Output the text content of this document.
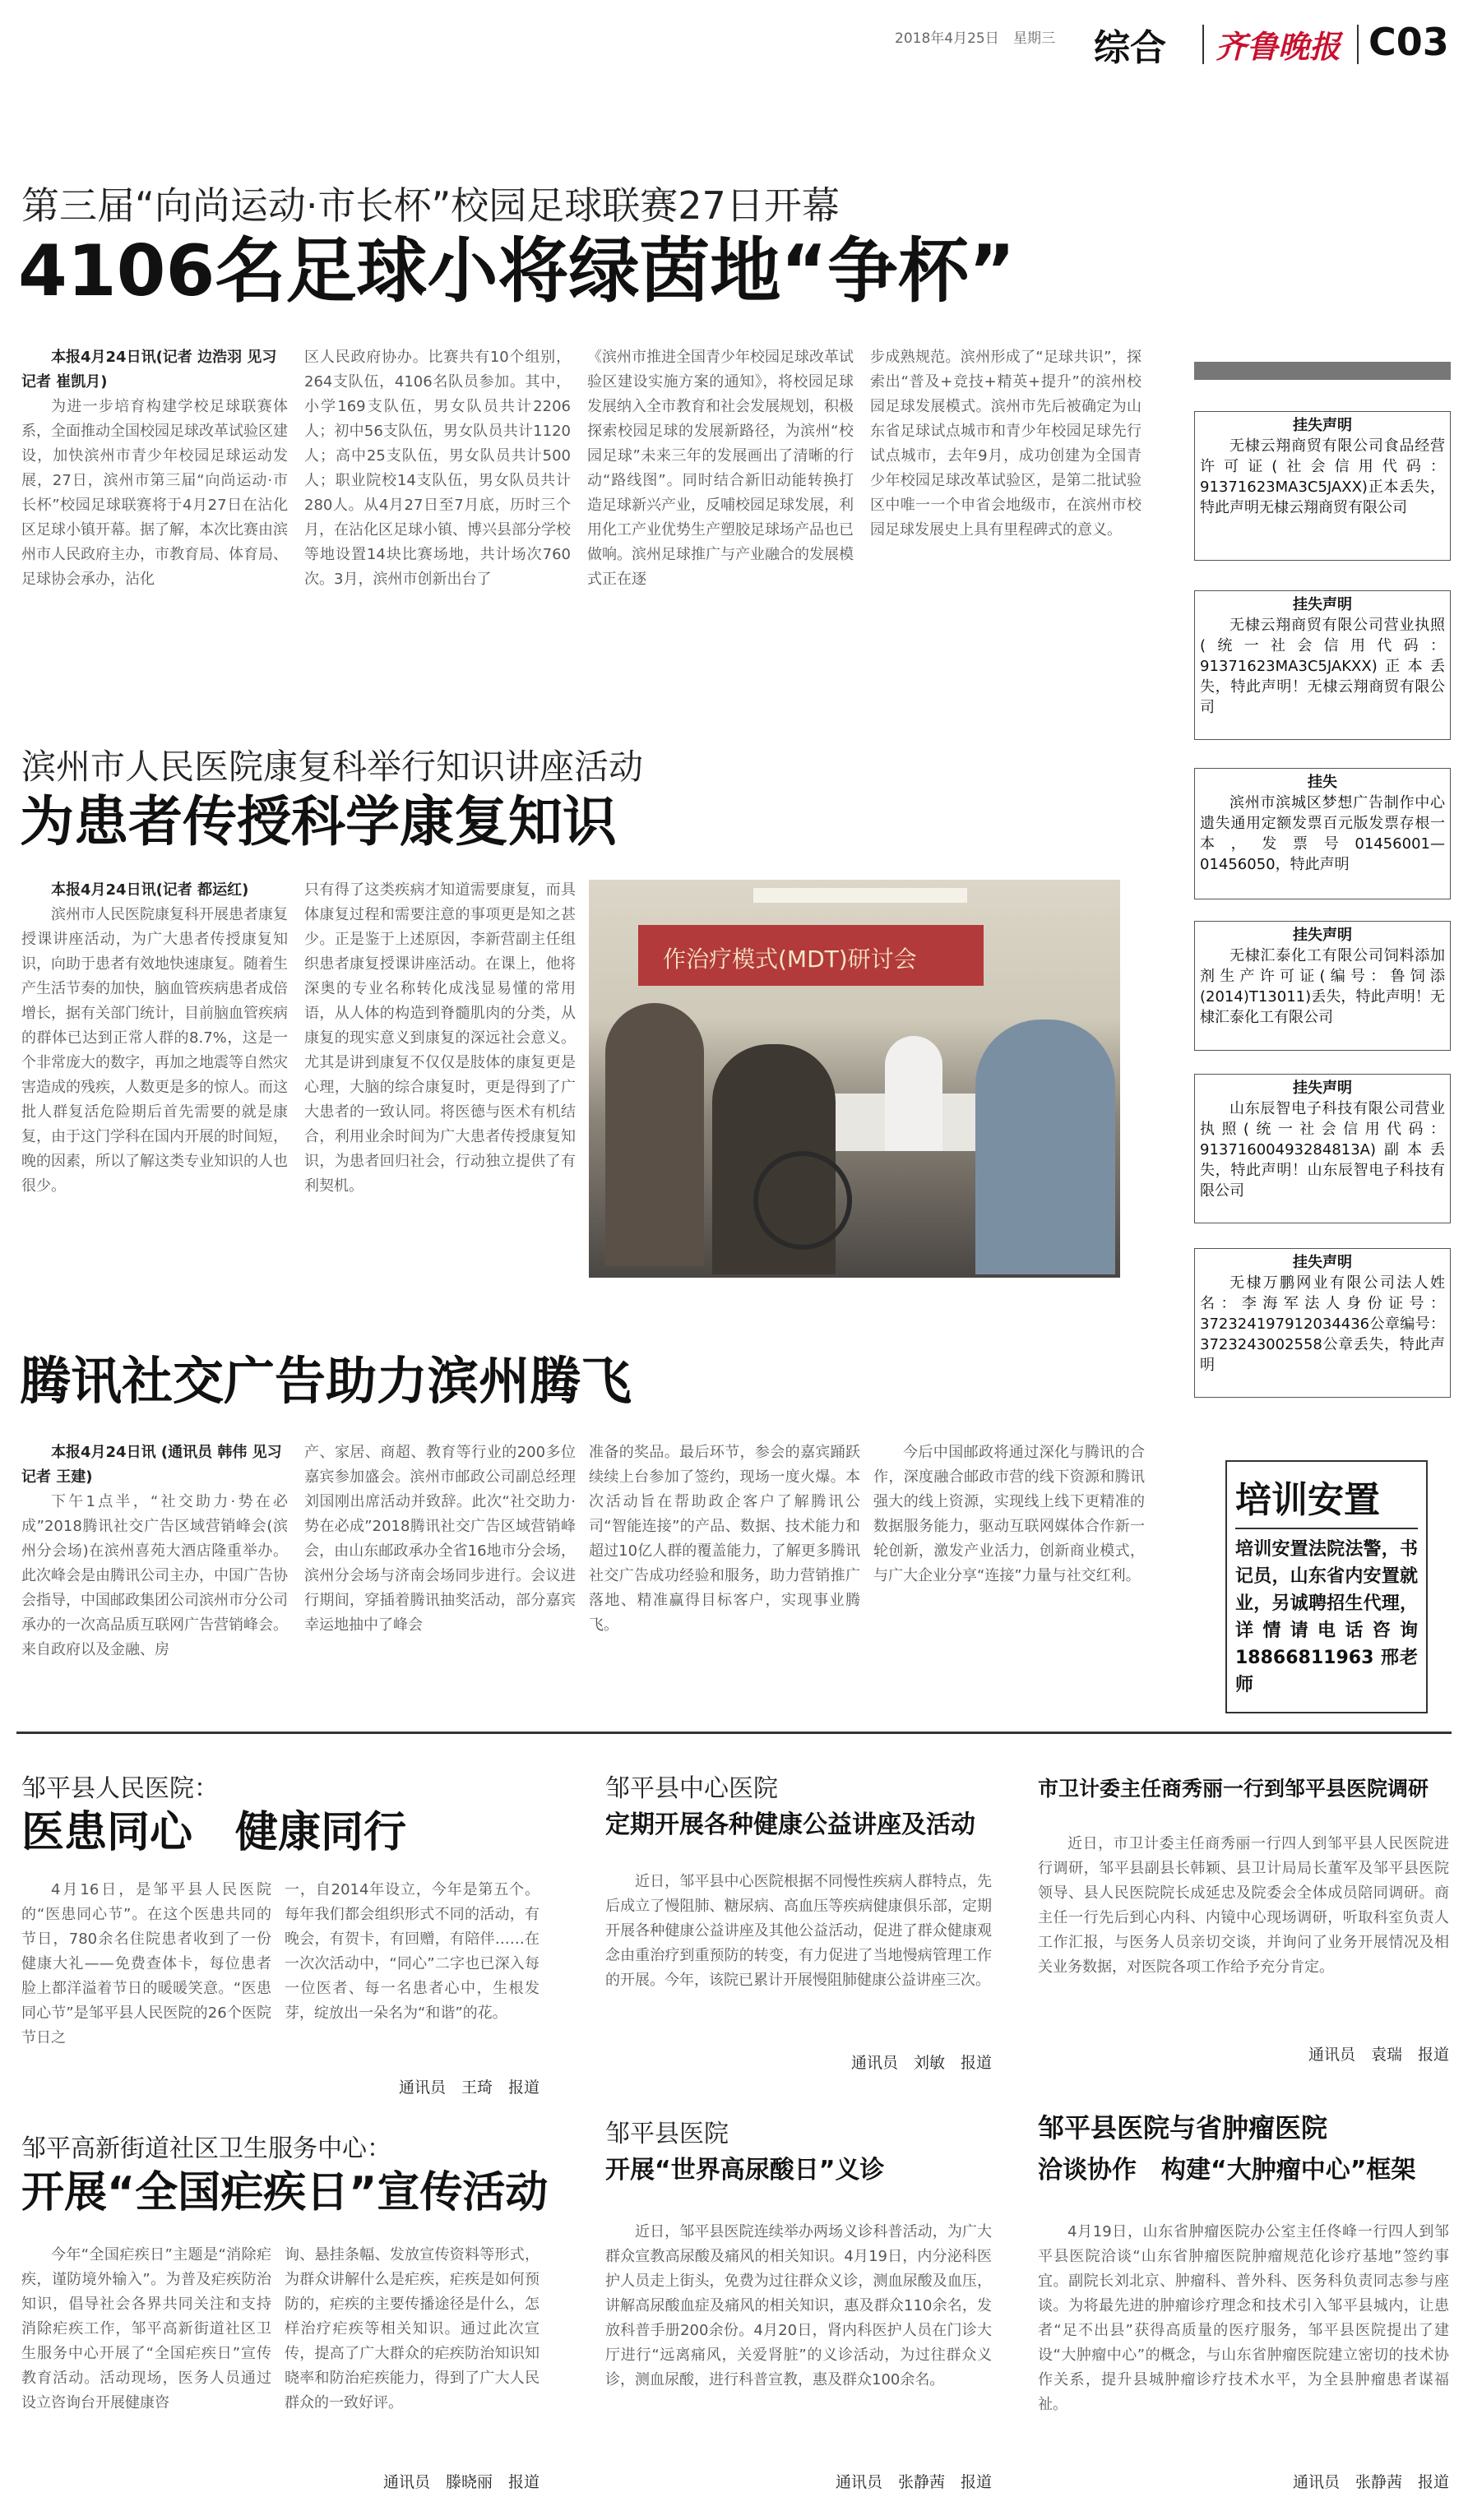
2018年4月25日 星期三 综合 齐鲁晚报 C03
第三届“向尚运动·市长杯”校园足球联赛27日开幕
4106名足球小将绿茵地“争杯”
本报4月24日讯(记者 边浩羽 见习记者 崔凯月)
为进一步培育构建学校足球联赛体系，全面推动全国校园足球改革试验区建设，加快滨州市青少年校园足球运动发展，27日，滨州市第三届“向尚运动·市长杯”校园足球联赛将于4月27日在沾化区足球小镇开幕。据了解，本次比赛由滨州市人民政府主办，市教育局、体育局、足球协会承办，沾化
区人民政府协办。比赛共有10个组别，264支队伍，4106名队员参加。其中，小学169支队伍，男女队员共计2206人；初中56支队伍，男女队员共计1120人；高中25支队伍，男女队员共计500人；职业院校14支队伍，男女队员共计280人。从4月27日至7月底，历时三个月，在沾化区足球小镇、博兴县部分学校等地设置14块比赛场地，共计场次760次。3月，滨州市创新出台了
《滨州市推进全国青少年校园足球改革试验区建设实施方案的通知》，将校园足球发展纳入全市教育和社会发展规划，积极探索校园足球的发展新路径，为滨州“校园足球”未来三年的发展画出了清晰的行动“路线图”。同时结合新旧动能转换打造足球新兴产业，反哺校园足球发展，利用化工产业优势生产塑胶足球场产品也已做响。滨州足球推广与产业融合的发展模式正在逐
步成熟规范。滨州形成了“足球共识”，探索出“普及+竞技+精英+提升”的滨州校园足球发展模式。滨州市先后被确定为山东省足球试点城市和青少年校园足球先行试点城市，去年9月，成功创建为全国青少年校园足球改革试验区，是第二批试验区中唯一一个申省会地级市，在滨州市校园足球发展史上具有里程碑式的意义。
滨州市人民医院康复科举行知识讲座活动
为患者传授科学康复知识
本报4月24日讯(记者 都运红)
滨州市人民医院康复科开展患者康复授课讲座活动，为广大患者传授康复知识，向助于患者有效地快速康复。随着生产生活节奏的加快，脑血管疾病患者成倍增长，据有关部门统计，目前脑血管疾病的群体已达到正常人群的8.7%，这是一个非常庞大的数字，再加之地震等自然灾害造成的残疾，人数更是多的惊人。而这批人群复活危险期后首先需要的就是康复，由于这门学科在国内开展的时间短，晚的因素，所以了解这类专业知识的人也很少。
只有得了这类疾病才知道需要康复，而具体康复过程和需要注意的事项更是知之甚少。正是鉴于上述原因，李新营副主任组织患者康复授课讲座活动。在课上，他将深奥的专业名称转化成浅显易懂的常用语，从人体的构造到脊髓肌肉的分类，从康复的现实意义到康复的深远社会意义。尤其是讲到康复不仅仅是肢体的康复更是心理，大脑的综合康复时，更是得到了广大患者的一致认同。将医德与医术有机结合，利用业余时间为广大患者传授康复知识，为患者回归社会，行动独立提供了有利契机。
作治疗模式(MDT)研讨会
腾讯社交广告助力滨州腾飞
本报4月24日讯 (通讯员 韩伟 见习记者 王建)
下午1点半，“社交助力·势在必成”2018腾讯社交广告区域营销峰会(滨州分会场)在滨州喜苑大酒店隆重举办。此次峰会是由腾讯公司主办，中国广告协会指导，中国邮政集团公司滨州市分公司承办的一次高品质互联网广告营销峰会。来自政府以及金融、房
产、家居、商超、教育等行业的200多位嘉宾参加盛会。滨州市邮政公司副总经理刘国刚出席活动并致辞。此次“社交助力·势在必成”2018腾讯社交广告区域营销峰会，由山东邮政承办全省16地市分会场，滨州分会场与济南会场同步进行。会议进行期间，穿插着腾讯抽奖活动，部分嘉宾幸运地抽中了峰会
准备的奖品。最后环节，参会的嘉宾踊跃续续上台参加了签约，现场一度火爆。本次活动旨在帮助政企客户了解腾讯公司“智能连接”的产品、数据、技术能力和超过10亿人群的覆盖能力，了解更多腾讯社交广告成功经验和服务，助力营销推广落地、精准赢得目标客户，实现事业腾飞。
今后中国邮政将通过深化与腾讯的合作，深度融合邮政市营的线下资源和腾讯强大的线上资源，实现线上线下更精准的数据服务能力，驱动互联网媒体合作新一轮创新，激发产业活力，创新商业模式，与广大企业分享“连接”力量与社交红利。
挂失声明
无棣云翔商贸有限公司食品经营许可证(社会信用代码：91371623MA3C5JAXX)正本丢失，特此声明无棣云翔商贸有限公司
挂失声明
无棣云翔商贸有限公司营业执照(统一社会信用代码：91371623MA3C5JAKXX)正本丢失，特此声明！无棣云翔商贸有限公司
挂失
滨州市滨城区梦想广告制作中心遗失通用定额发票百元版发票存根一本，发票号01456001—01456050，特此声明
挂失声明
无棣汇泰化工有限公司饲料添加剂生产许可证(编号：鲁饲添(2014)T13011)丢失，特此声明！无棣汇泰化工有限公司
挂失声明
山东辰智电子科技有限公司营业执照(统一社会信用代码：91371600493284813A)副本丢失，特此声明！山东辰智电子科技有限公司
挂失声明
无棣万鹏网业有限公司法人姓名：李海军法人身份证号：372324197912034436公章编号：3723243002558公章丢失，特此声明
培训安置
培训安置法院法警，书记员，山东省内安置就业，另诚聘招生代理，详情请电话咨询18866811963 邢老师
邹平县人民医院：
医患同心　健康同行
4月16日，是邹平县人民医院的“医患同心节”。在这个医患共同的节日，780余名住院患者收到了一份健康大礼——免费查体卡，每位患者脸上都洋溢着节日的暖暖笑意。“医患同心节”是邹平县人民医院的26个医院节日之
一，自2014年设立，今年是第五个。每年我们都会组织形式不同的活动，有晚会，有贺卡，有回赠，有陪伴……在一次次活动中，“同心”二字也已深入每一位医者、每一名患者心中，生根发芽，绽放出一朵名为“和谐”的花。
通讯员　王琦　报道
邹平高新街道社区卫生服务中心：
开展“全国疟疾日”宣传活动
今年“全国疟疾日”主题是“消除疟疾，谨防境外输入”。为普及疟疾防治知识，倡导社会各界共同关注和支持消除疟疾工作，邹平高新街道社区卫生服务中心开展了“全国疟疾日”宣传教育活动。活动现场，医务人员通过设立咨询台开展健康咨
询、悬挂条幅、发放宣传资料等形式，为群众讲解什么是疟疾，疟疾是如何预防的，疟疾的主要传播途径是什么，怎样治疗疟疾等相关知识。通过此次宣传，提高了广大群众的疟疾防治知识知晓率和防治疟疾能力，得到了广大人民群众的一致好评。
通讯员　滕晓丽　报道
邹平县中心医院
定期开展各种健康公益讲座及活动
近日，邹平县中心医院根据不同慢性疾病人群特点，先后成立了慢阻肺、糖尿病、高血压等疾病健康俱乐部，定期开展各种健康公益讲座及其他公益活动，促进了群众健康观念由重治疗到重预防的转变，有力促进了当地慢病管理工作的开展。今年，该院已累计开展慢阻肺健康公益讲座三次。
通讯员　刘敏　报道
邹平县医院
开展“世界高尿酸日”义诊
近日，邹平县医院连续举办两场义诊科普活动，为广大群众宣教高尿酸及痛风的相关知识。4月19日，内分泌科医护人员走上街头，免费为过往群众义诊，测血尿酸及血压，讲解高尿酸血症及痛风的相关知识，惠及群众110余名，发放科普手册200余份。4月20日，肾内科医护人员在门诊大厅进行“远离痛风，关爱肾脏”的义诊活动，为过往群众义诊，测血尿酸，进行科普宣教，惠及群众100余名。
通讯员　张静茜　报道
市卫计委主任商秀丽一行到邹平县医院调研
近日，市卫计委主任商秀丽一行四人到邹平县人民医院进行调研，邹平县副县长韩颖、县卫计局局长董军及邹平县医院领导、县人民医院院长成延忠及院委会全体成员陪同调研。商主任一行先后到心内科、内镜中心现场调研，听取科室负责人工作汇报，与医务人员亲切交谈，并询问了业务开展情况及相关业务数据，对医院各项工作给予充分肯定。
通讯员　袁瑞　报道
邹平县医院与省肿瘤医院
洽谈协作　构建“大肿瘤中心”框架
4月19日，山东省肿瘤医院办公室主任佟峰一行四人到邹平县医院洽谈“山东省肿瘤医院肿瘤规范化诊疗基地”签约事宜。副院长刘北京、肿瘤科、普外科、医务科负责同志参与座谈。为将最先进的肿瘤诊疗理念和技术引入邹平县城内，让患者“足不出县”获得高质量的医疗服务，邹平县医院提出了建设“大肿瘤中心”的概念，与山东省肿瘤医院建立密切的技术协作关系，提升县城肿瘤诊疗技术水平，为全县肿瘤患者谋福祉。
通讯员　张静茜　报道
